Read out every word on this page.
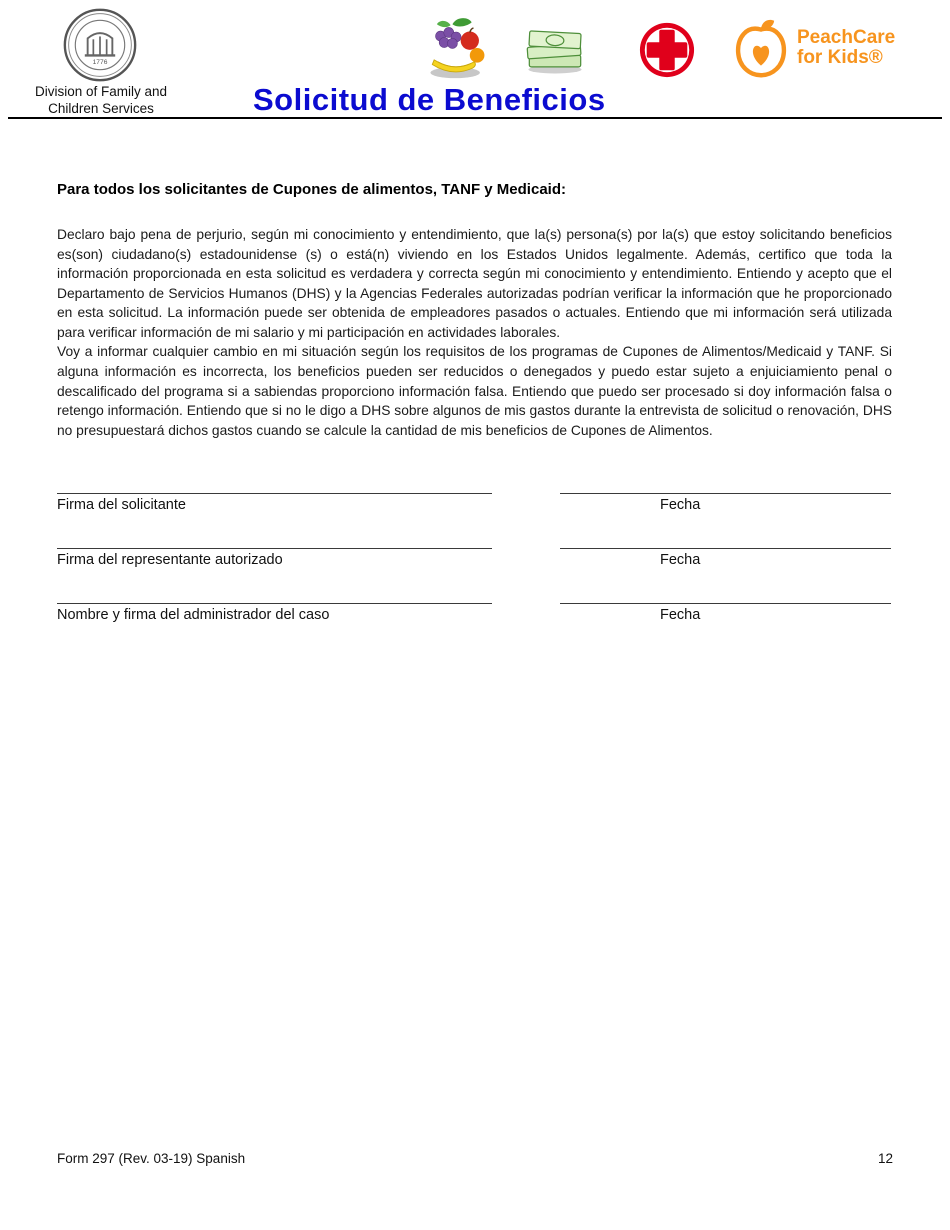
1776
Division of Family and
Children Services	Solicitud de Beneficios
PeachCare
for Kids®
Para todos los solicitantes de Cupones de alimentos, TANF y Medicaid:

Declaro bajo pena de perjurio, según mi conocimiento y entendimiento, que la(s) persona(s) por la(s) que estoy solicitando beneficios es(son) ciudadano(s) estadounidense (s) o está(n) viviendo en los Estados Unidos legalmente. Además, certifico que toda la información proporcionada en esta solicitud es verdadera y correcta según mi conocimiento y entendimiento. Entiendo y acepto que el Departamento de Servicios Humanos (DHS) y la Agencias Federales autorizadas podrían verificar la información que he proporcionado en esta solicitud. La información puede ser obtenida de empleadores pasados o actuales. Entiendo que mi información será utilizada para verificar información de mi salario y mi participación en actividades laborales.

Voy a informar cualquier cambio en mi situación según los requisitos de los programas de Cupones de Alimentos/Medicaid y TANF. Si alguna información es incorrecta, los beneficios pueden ser reducidos o denegados y puedo estar sujeto a enjuiciamiento penal o descalificado del programa si a sabiendas proporciono información falsa. Entiendo que puedo ser procesado si doy información falsa o retengo información. Entiendo que si no le digo a DHS sobre algunos de mis gastos durante la entrevista de solicitud o renovación, DHS no presupuestará dichos gastos cuando se calcule la cantidad de mis beneficios de Cupones de Alimentos.

Firma del solicitante	Fecha
Firma del representante autorizado	Fecha
Nombre y firma del administrador del caso	Fecha
Form 297 (Rev. 03-19) Spanish	12
